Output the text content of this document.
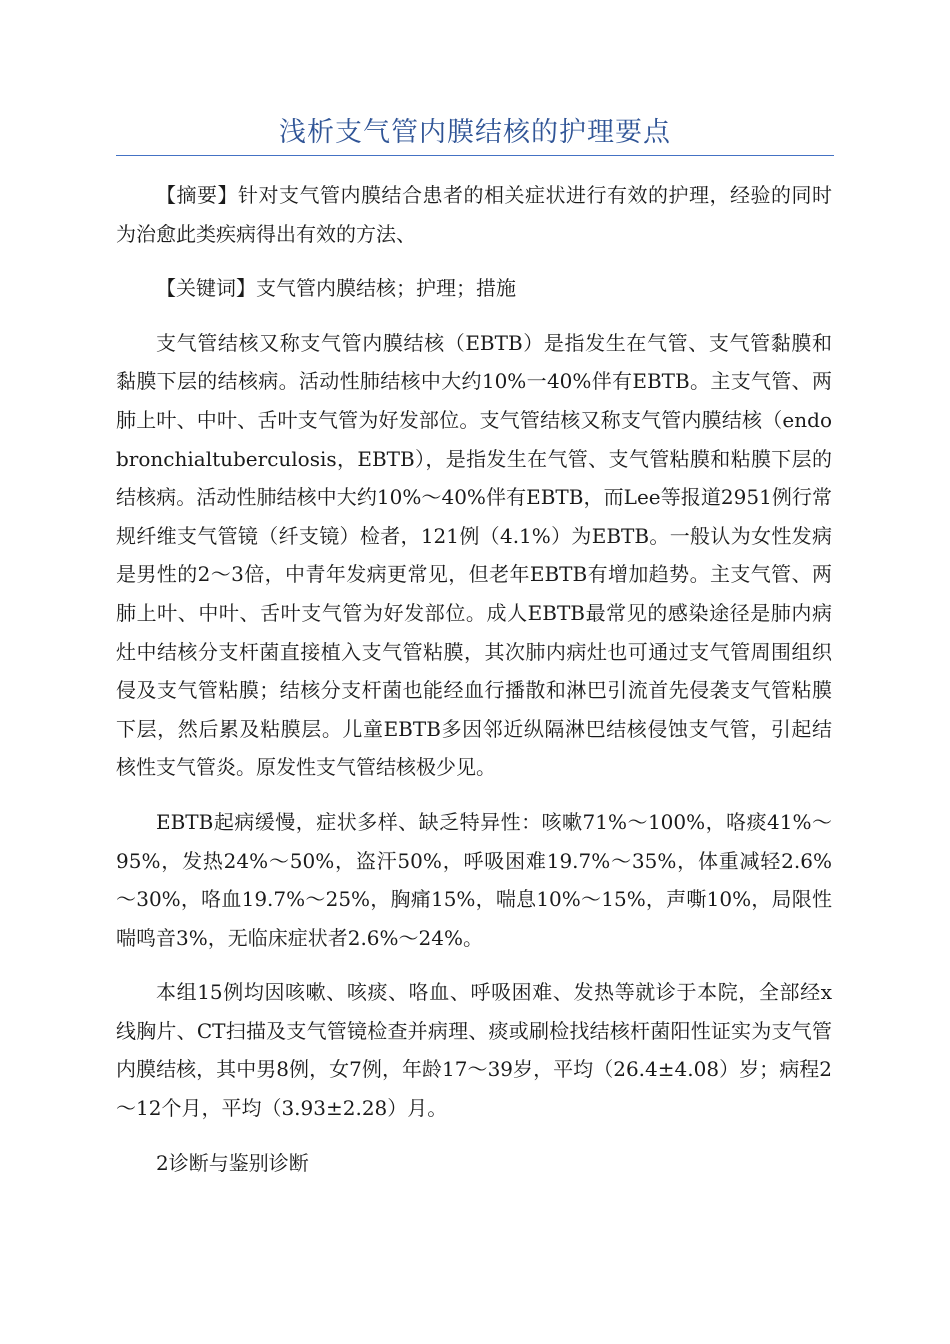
浅析支气管内膜结核的护理要点

【摘要】针对支气管内膜结合患者的相关症状进行有效的护理，经验的同时为治愈此类疾病得出有效的方法、

【关键词】支气管内膜结核；护理；措施

支气管结核又称支气管内膜结核（EBTB）是指发生在气管、支气管黏膜和黏膜下层的结核病。活动性肺结核中大约10%一40%伴有EBTB。主支气管、两肺上叶、中叶、舌叶支气管为好发部位。支气管结核又称支气管内膜结核（endobronchialtuberculosis，EBTB），是指发生在气管、支气管粘膜和粘膜下层的结核病。活动性肺结核中大约10%～40%伴有EBTB，而Lee等报道2951例行常规纤维支气管镜（纤支镜）检者，121例（4.1%）为EBTB。一般认为女性发病是男性的2～3倍，中青年发病更常见，但老年EBTB有增加趋势。主支气管、两肺上叶、中叶、舌叶支气管为好发部位。成人EBTB最常见的感染途径是肺内病灶中结核分支杆菌直接植入支气管粘膜，其次肺内病灶也可通过支气管周围组织侵及支气管粘膜；结核分支杆菌也能经血行播散和淋巴引流首先侵袭支气管粘膜下层，然后累及粘膜层。儿童EBTB多因邻近纵隔淋巴结核侵蚀支气管，引起结核性支气管炎。原发性支气管结核极少见。

EBTB起病缓慢，症状多样、缺乏特异性：咳嗽71%～100%，咯痰41%～95%，发热24%～50%，盗汗50%，呼吸困难19.7%～35%，体重减轻2.6%～30%，咯血19.7%～25%，胸痛15%，喘息10%～15%，声嘶10%，局限性喘鸣音3%，无临床症状者2.6%～24%。

本组15例均因咳嗽、咳痰、咯血、呼吸困难、发热等就诊于本院，全部经x线胸片、CT扫描及支气管镜检查并病理、痰或刷检找结核杆菌阳性证实为支气管内膜结核，其中男8例，女7例，年龄17～39岁，平均（26.4±4.08）岁；病程2～12个月，平均（3.93±2.28）月。

2诊断与鉴别诊断
